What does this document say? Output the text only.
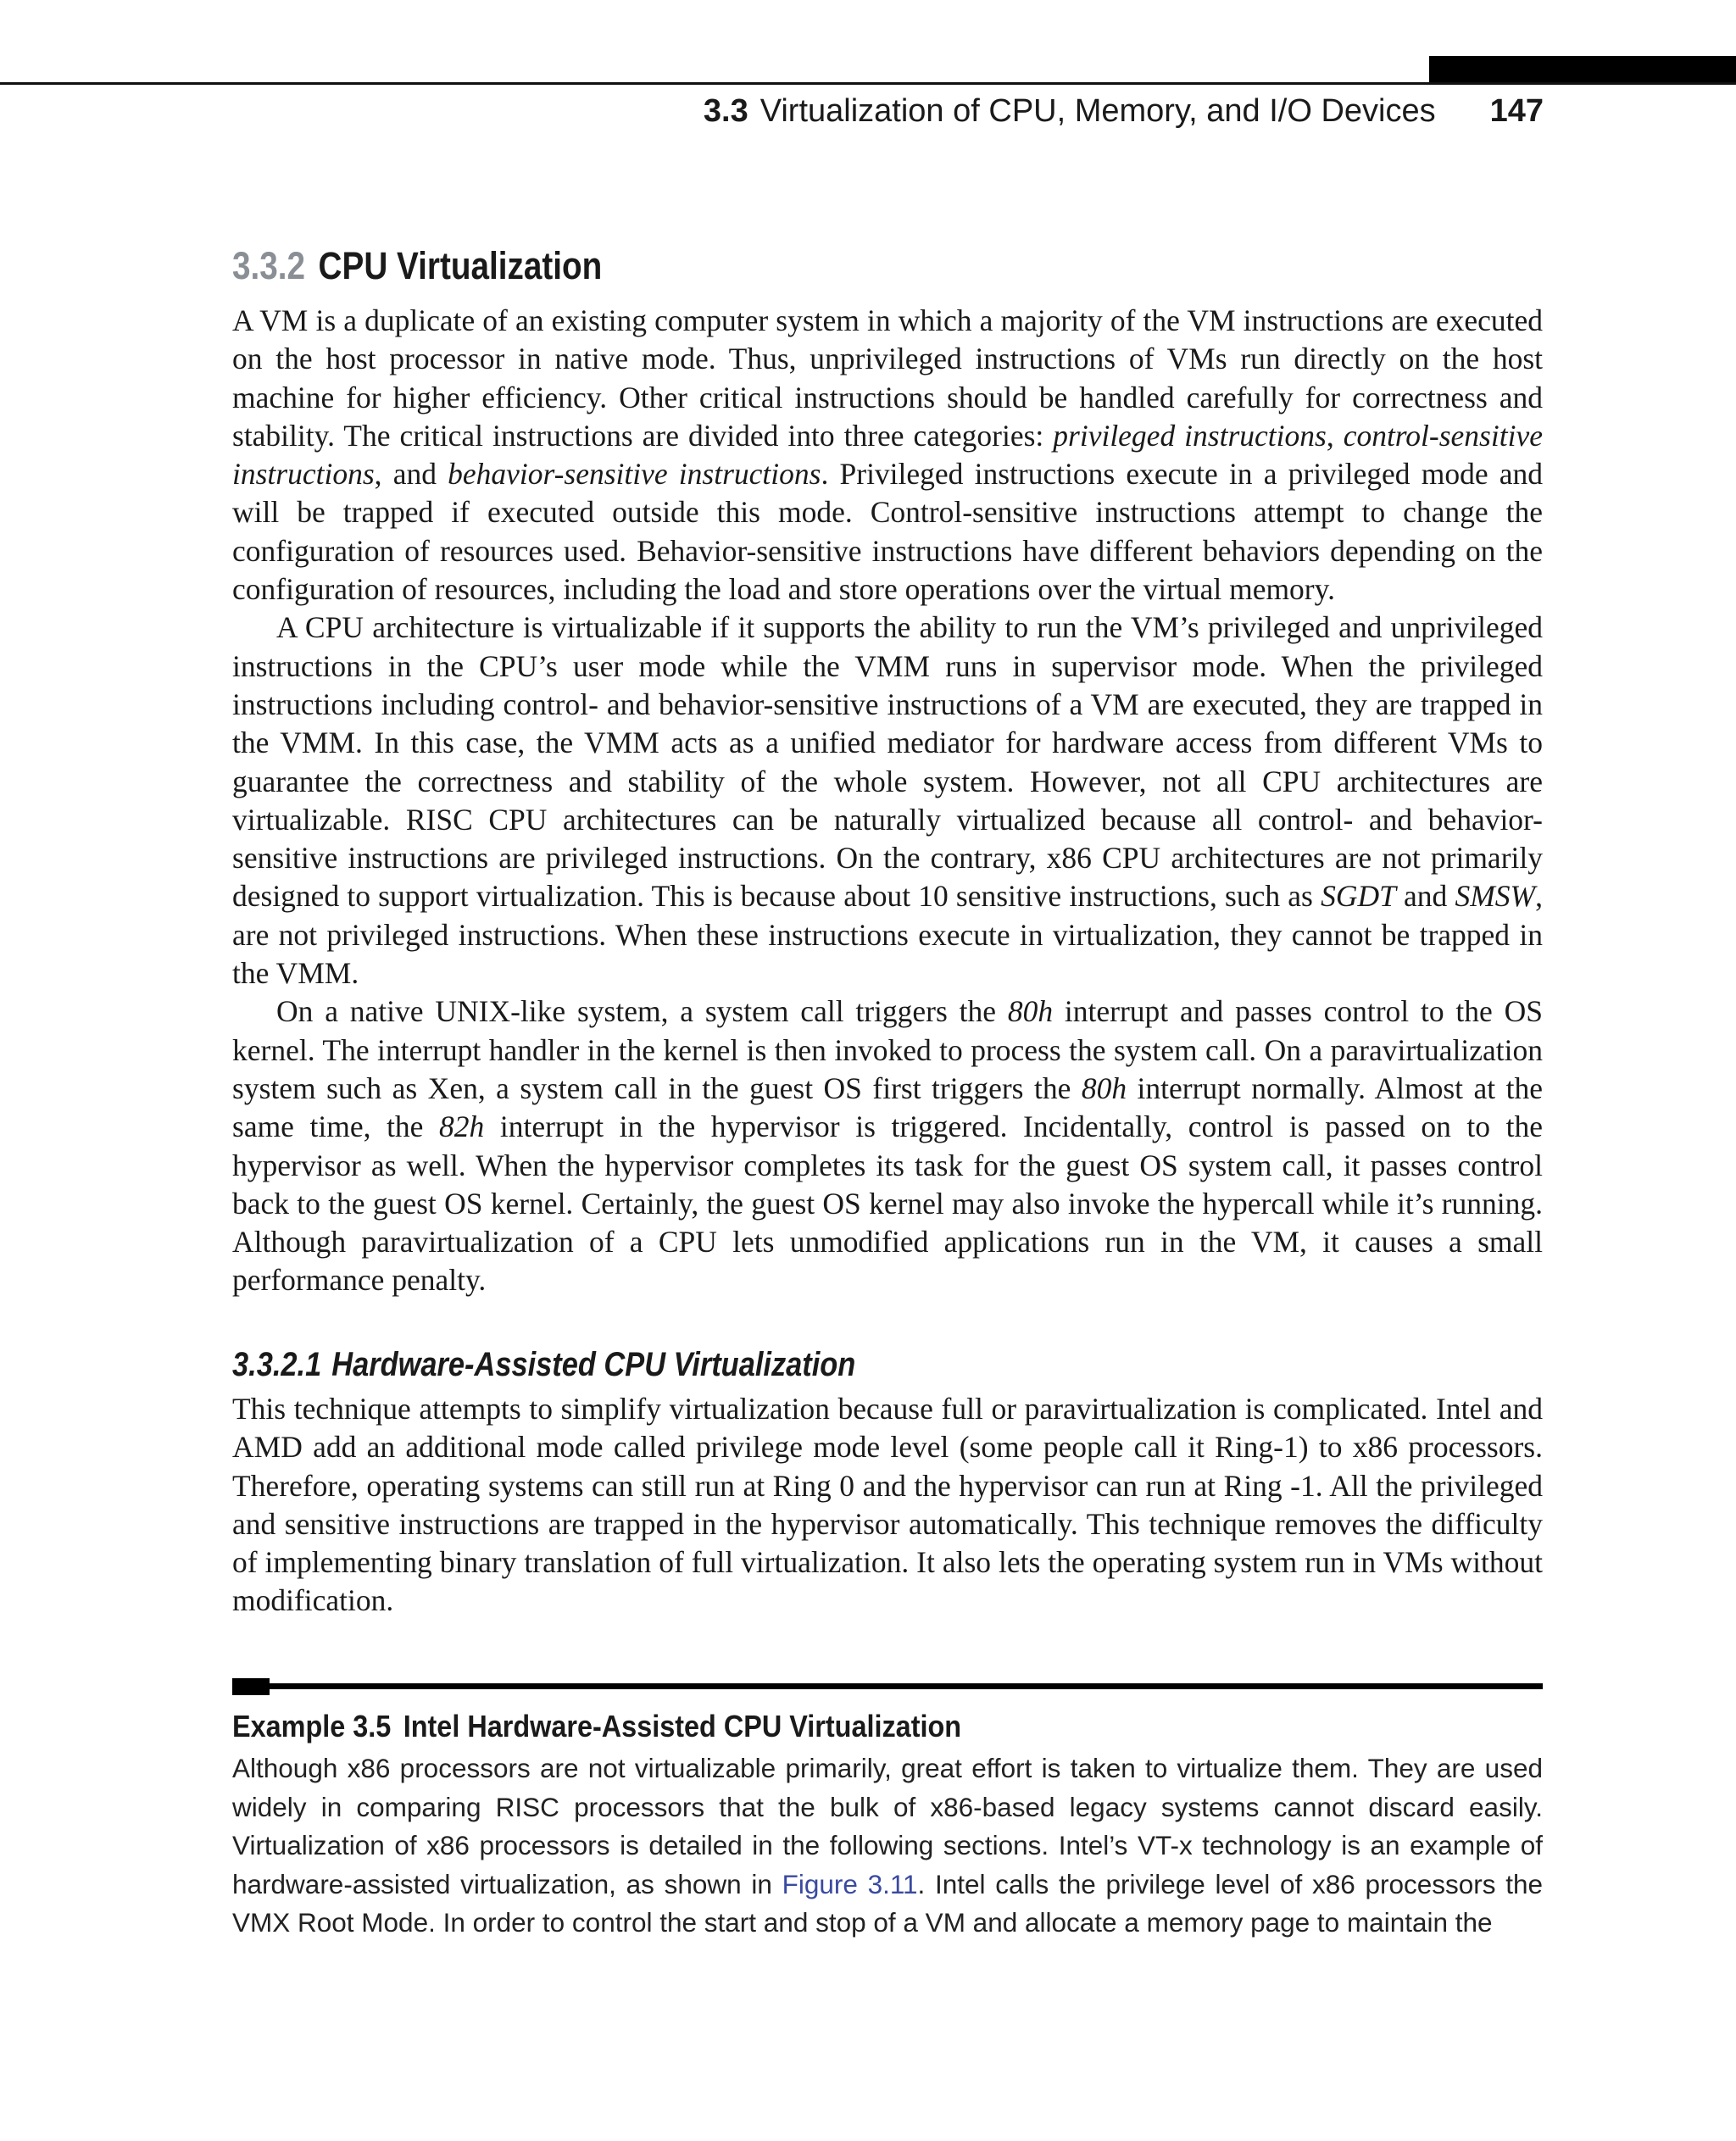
3.3 Virtualization of CPU, Memory, and I/O Devices 147
3.3.2 CPU Virtualization

A VM is a duplicate of an existing computer system in which a majority of the VM instructions are executed on the host processor in native mode. Thus, unprivileged instructions of VMs run directly on the host machine for higher efficiency. Other critical instructions should be handled carefully for correctness and stability. The critical instructions are divided into three categories: privileged instructions, control-sensitive instructions, and behavior-sensitive instructions. Privileged instructions execute in a privileged mode and will be trapped if executed outside this mode. Control-sensitive instructions attempt to change the configuration of resources used. Behavior-sensitive instructions have different behaviors depending on the configuration of resources, including the load and store operations over the virtual memory.

A CPU architecture is virtualizable if it supports the ability to run the VM’s privileged and unprivileged instructions in the CPU’s user mode while the VMM runs in supervisor mode. When the privileged instructions including control- and behavior-sensitive instructions of a VM are executed, they are trapped in the VMM. In this case, the VMM acts as a unified mediator for hardware access from different VMs to guarantee the correctness and stability of the whole system. However, not all CPU architectures are virtualizable. RISC CPU architectures can be naturally virtualized because all control- and behavior-sensitive instructions are privileged instructions. On the contrary, x86 CPU architectures are not primarily designed to support virtualization. This is because about 10 sensitive instructions, such as SGDT and SMSW, are not privileged instructions. When these instructions execute in virtualization, they cannot be trapped in the VMM.

On a native UNIX-like system, a system call triggers the 80h interrupt and passes control to the OS kernel. The interrupt handler in the kernel is then invoked to process the system call. On a paravirtualization system such as Xen, a system call in the guest OS first triggers the 80h interrupt normally. Almost at the same time, the 82h interrupt in the hypervisor is triggered. Incidentally, control is passed on to the hypervisor as well. When the hypervisor completes its task for the guest OS system call, it passes control back to the guest OS kernel. Certainly, the guest OS kernel may also invoke the hypercall while it’s running. Although paravirtualization of a CPU lets unmodified applications run in the VM, it causes a small performance penalty.

3.3.2.1 Hardware-Assisted CPU Virtualization

This technique attempts to simplify virtualization because full or paravirtualization is complicated. Intel and AMD add an additional mode called privilege mode level (some people call it Ring-1) to x86 processors. Therefore, operating systems can still run at Ring 0 and the hypervisor can run at Ring -1. All the privileged and sensitive instructions are trapped in the hypervisor automatically. This technique removes the difficulty of implementing binary translation of full virtualization. It also lets the operating system run in VMs without modification.

Example 3.5 Intel Hardware-Assisted CPU Virtualization

Although x86 processors are not virtualizable primarily, great effort is taken to virtualize them. They are used widely in comparing RISC processors that the bulk of x86-based legacy systems cannot discard easily. Virtualization of x86 processors is detailed in the following sections. Intel’s VT-x technology is an example of hardware-assisted virtualization, as shown in Figure 3.11. Intel calls the privilege level of x86 processors the VMX Root Mode. In order to control the start and stop of a VM and allocate a memory page to maintain the
